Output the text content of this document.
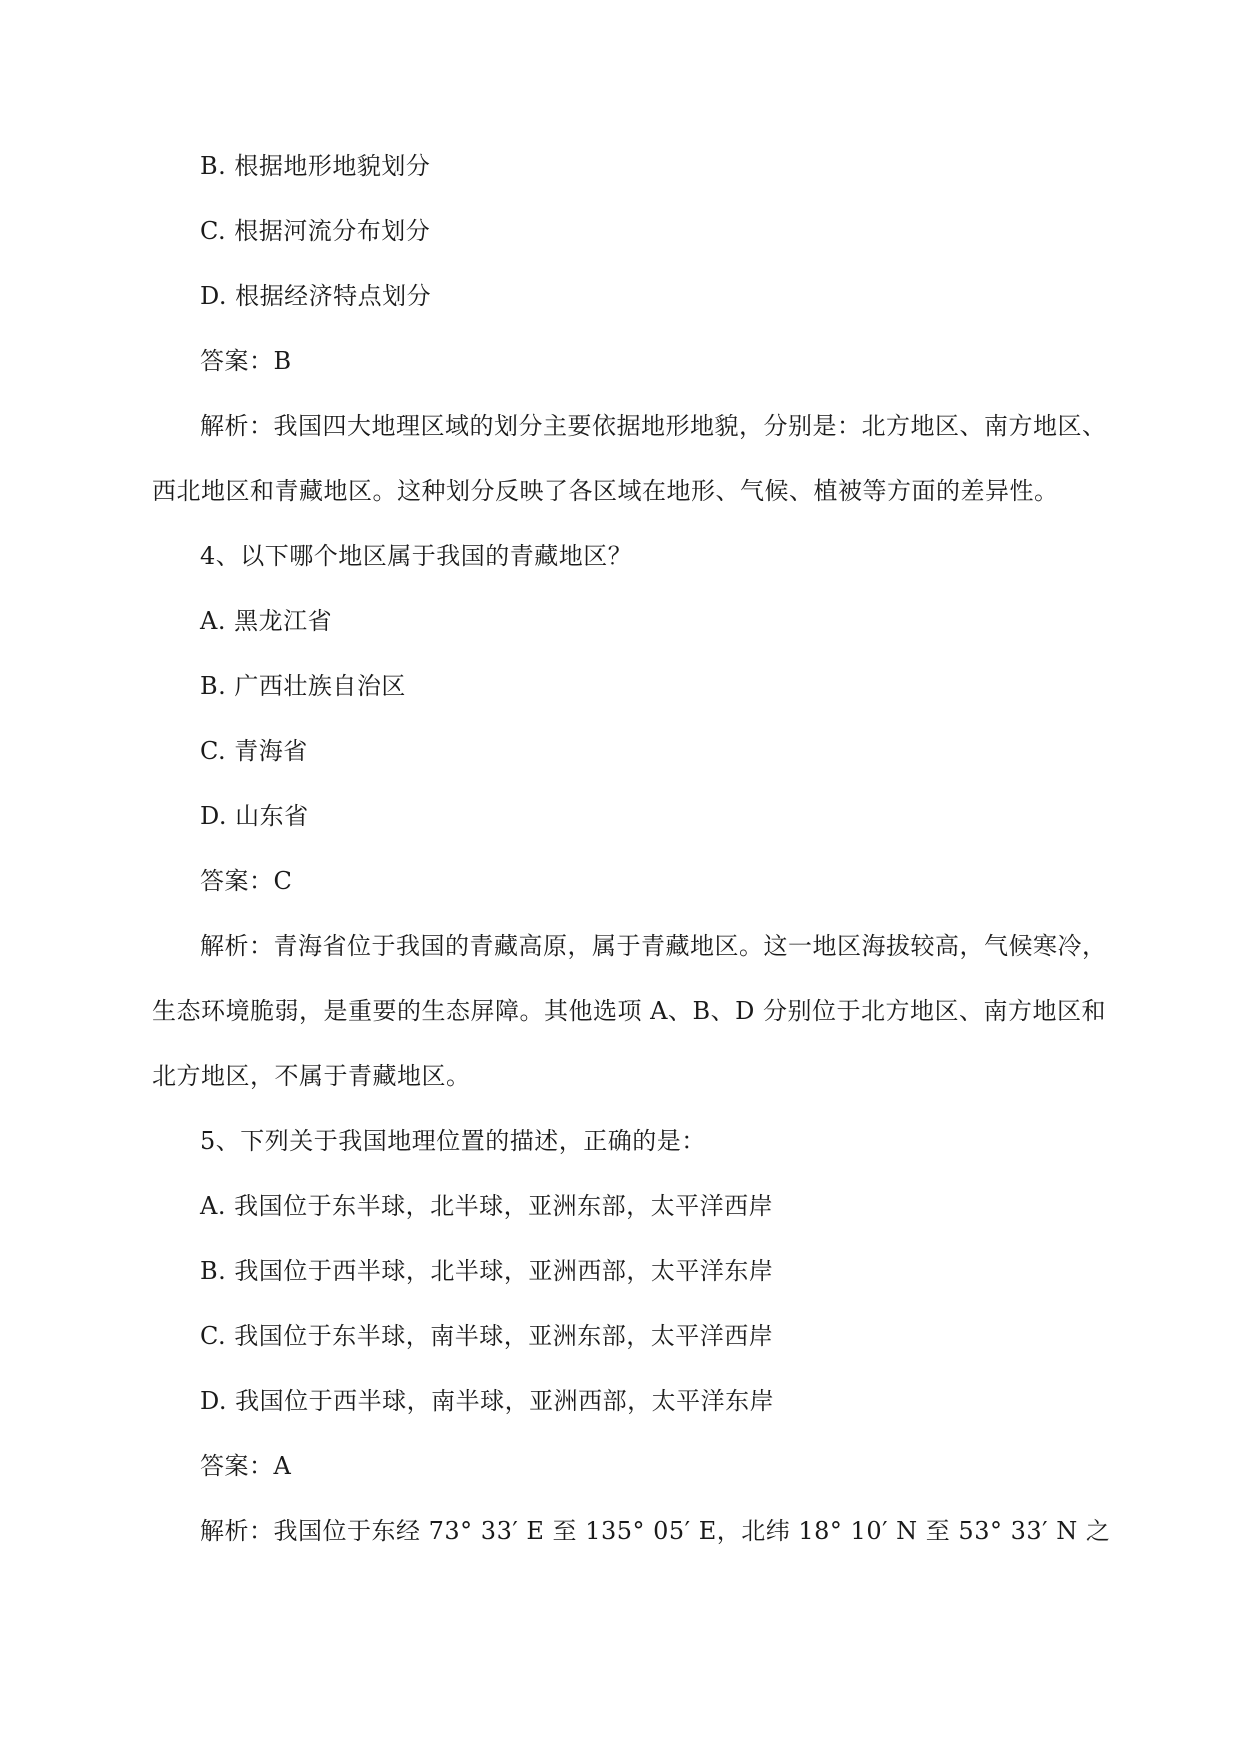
B. 根据地形地貌划分
C. 根据河流分布划分
D. 根据经济特点划分
答案：B
解析：我国四大地理区域的划分主要依据地形地貌，分别是：北方地区、南方地区、
西北地区和青藏地区。这种划分反映了各区域在地形、气候、植被等方面的差异性。
4、以下哪个地区属于我国的青藏地区？
A. 黑龙江省
B. 广西壮族自治区
C. 青海省
D. 山东省
答案：C
解析：青海省位于我国的青藏高原，属于青藏地区。这一地区海拔较高，气候寒冷，
生态环境脆弱，是重要的生态屏障。其他选项 A、B、D 分别位于北方地区、南方地区和
北方地区，不属于青藏地区。
5、下列关于我国地理位置的描述，正确的是：
A. 我国位于东半球，北半球，亚洲东部，太平洋西岸
B. 我国位于西半球，北半球，亚洲西部，太平洋东岸
C. 我国位于东半球，南半球，亚洲东部，太平洋西岸
D. 我国位于西半球，南半球，亚洲西部，太平洋东岸
答案：A
解析：我国位于东经 73° 33′ E 至 135° 05′ E，北纬 18° 10′ N 至 53° 33′ N 之
